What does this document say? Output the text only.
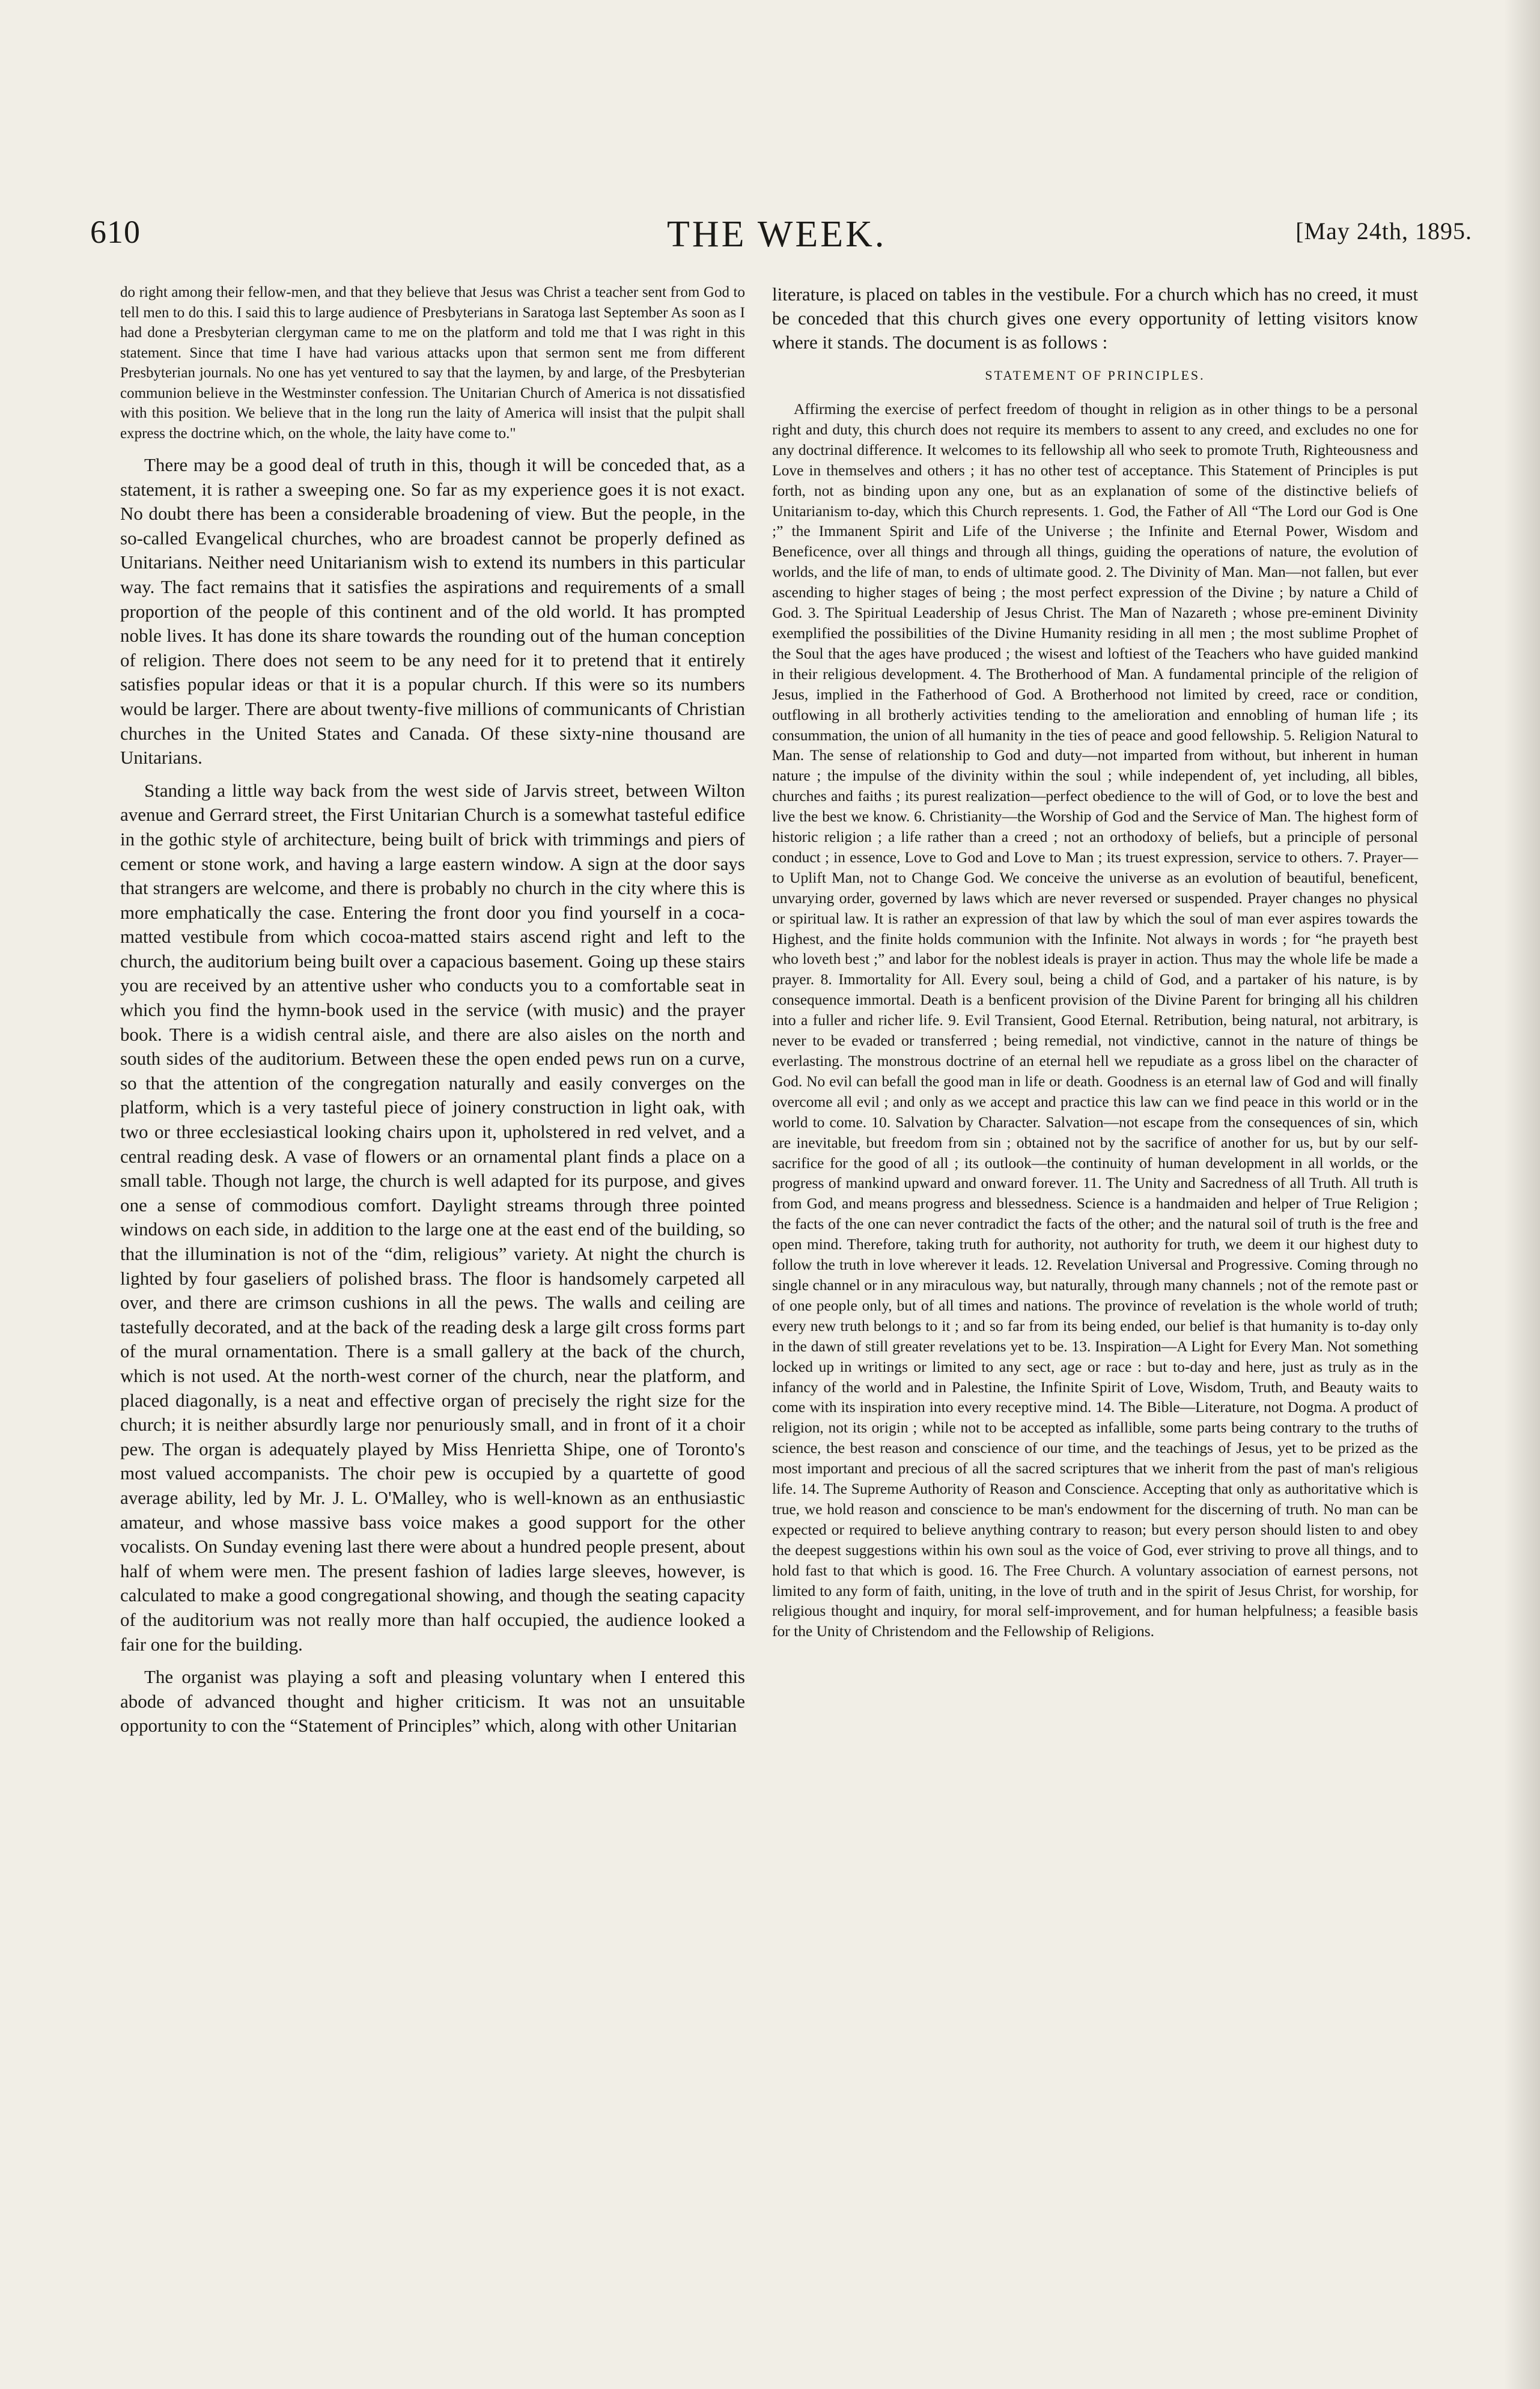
610	THE WEEK.	[May 24th, 1895.

do right among their fellow-men, and that they believe that Jesus was Christ a teacher sent from God to tell men to do this. I said this to large audience of Presbyterians in Saratoga last September As soon as I had done a Presbyterian clergyman came to me on the platform and told me that I was right in this statement. Since that time I have had various attacks upon that sermon sent me from different Presbyterian journals. No one has yet ventured to say that the laymen, by and large, of the Presbyterian communion believe in the Westminster confession. The Unitarian Church of America is not dissatisfied with this position. We believe that in the long run the laity of America will insist that the pulpit shall express the doctrine which, on the whole, the laity have come to."

There may be a good deal of truth in this, though it will be conceded that, as a statement, it is rather a sweeping one. So far as my experience goes it is not exact. No doubt there has been a considerable broadening of view. But the people, in the so-called Evangelical churches, who are broadest cannot be properly defined as Unitarians. Neither need Unitarianism wish to extend its numbers in this particular way. The fact remains that it satisfies the aspirations and requirements of a small proportion of the people of this continent and of the old world. It has prompted noble lives. It has done its share towards the rounding out of the human conception of religion. There does not seem to be any need for it to pretend that it entirely satisfies popular ideas or that it is a popular church. If this were so its numbers would be larger. There are about twenty-five millions of communicants of Christian churches in the United States and Canada. Of these sixty-nine thousand are Unitarians.

Standing a little way back from the west side of Jarvis street, between Wilton avenue and Gerrard street, the First Unitarian Church is a somewhat tasteful edifice in the gothic style of architecture, being built of brick with trimmings and piers of cement or stone work, and having a large eastern window. A sign at the door says that strangers are welcome, and there is probably no church in the city where this is more emphatically the case. Entering the front door you find yourself in a coca-matted vestibule from which cocoa-matted stairs ascend right and left to the church, the auditorium being built over a capacious basement. Going up these stairs you are received by an attentive usher who conducts you to a comfortable seat in which you find the hymn-book used in the service (with music) and the prayer book. There is a widish central aisle, and there are also aisles on the north and south sides of the auditorium. Between these the open ended pews run on a curve, so that the attention of the congregation naturally and easily converges on the platform, which is a very tasteful piece of joinery construction in light oak, with two or three ecclesiastical looking chairs upon it, upholstered in red velvet, and a central reading desk. A vase of flowers or an ornamental plant finds a place on a small table. Though not large, the church is well adapted for its purpose, and gives one a sense of commodious comfort. Daylight streams through three pointed windows on each side, in addition to the large one at the east end of the building, so that the illumination is not of the “dim, religious” variety. At night the church is lighted by four gaseliers of polished brass. The floor is handsomely carpeted all over, and there are crimson cushions in all the pews. The walls and ceiling are tastefully decorated, and at the back of the reading desk a large gilt cross forms part of the mural ornamentation. There is a small gallery at the back of the church, which is not used. At the north-west corner of the church, near the platform, and placed diagonally, is a neat and effective organ of precisely the right size for the church; it is neither absurdly large nor penuriously small, and in front of it a choir pew. The organ is adequately played by Miss Henrietta Shipe, one of Toronto's most valued accompanists. The choir pew is occupied by a quartette of good average ability, led by Mr. J. L. O'Malley, who is well-known as an enthusiastic amateur, and whose massive bass voice makes a good support for the other vocalists. On Sunday evening last there were about a hundred people present, about half of whem were men. The present fashion of ladies large sleeves, however, is calculated to make a good congregational showing, and though the seating capacity of the auditorium was not really more than half occupied, the audience looked a fair one for the building.

The organist was playing a soft and pleasing voluntary when I entered this abode of advanced thought and higher criticism. It was not an unsuitable opportunity to con the “Statement of Principles” which, along with other Unitarian

literature, is placed on tables in the vestibule. For a church which has no creed, it must be conceded that this church gives one every opportunity of letting visitors know where it stands. The document is as follows :

STATEMENT OF PRINCIPLES.

Affirming the exercise of perfect freedom of thought in religion as in other things to be a personal right and duty, this church does not require its members to assent to any creed, and excludes no one for any doctrinal difference. It welcomes to its fellowship all who seek to promote Truth, Righteousness and Love in themselves and others ; it has no other test of acceptance. This Statement of Principles is put forth, not as binding upon any one, but as an explanation of some of the distinctive beliefs of Unitarianism to-day, which this Church represents. 1. God, the Father of All “The Lord our God is One ;” the Immanent Spirit and Life of the Universe ; the Infinite and Eternal Power, Wisdom and Beneficence, over all things and through all things, guiding the operations of nature, the evolution of worlds, and the life of man, to ends of ultimate good. 2. The Divinity of Man. Man—not fallen, but ever ascending to higher stages of being ; the most perfect expression of the Divine ; by nature a Child of God. 3. The Spiritual Leadership of Jesus Christ. The Man of Nazareth ; whose pre-eminent Divinity exemplified the possibilities of the Divine Humanity residing in all men ; the most sublime Prophet of the Soul that the ages have produced ; the wisest and loftiest of the Teachers who have guided mankind in their religious development. 4. The Brotherhood of Man. A fundamental principle of the religion of Jesus, implied in the Fatherhood of God. A Brotherhood not limited by creed, race or condition, outflowing in all brotherly activities tending to the amelioration and ennobling of human life ; its consummation, the union of all humanity in the ties of peace and good fellowship. 5. Religion Natural to Man. The sense of relationship to God and duty—not imparted from without, but inherent in human nature ; the impulse of the divinity within the soul ; while independent of, yet including, all bibles, churches and faiths ; its purest realization—perfect obedience to the will of God, or to love the best and live the best we know. 6. Christianity—the Worship of God and the Service of Man. The highest form of historic religion ; a life rather than a creed ; not an orthodoxy of beliefs, but a principle of personal conduct ; in essence, Love to God and Love to Man ; its truest expression, service to others. 7. Prayer—to Uplift Man, not to Change God. We conceive the universe as an evolution of beautiful, beneficent, unvarying order, governed by laws which are never reversed or suspended. Prayer changes no physical or spiritual law. It is rather an expression of that law by which the soul of man ever aspires towards the Highest, and the finite holds communion with the Infinite. Not always in words ; for “he prayeth best who loveth best ;” and labor for the noblest ideals is prayer in action. Thus may the whole life be made a prayer. 8. Immortality for All. Every soul, being a child of God, and a partaker of his nature, is by consequence immortal. Death is a benficent provision of the Divine Parent for bringing all his children into a fuller and richer life. 9. Evil Transient, Good Eternal. Retribution, being natural, not arbitrary, is never to be evaded or transferred ; being remedial, not vindictive, cannot in the nature of things be everlasting. The monstrous doctrine of an eternal hell we repudiate as a gross libel on the character of God. No evil can befall the good man in life or death. Goodness is an eternal law of God and will finally overcome all evil ; and only as we accept and practice this law can we find peace in this world or in the world to come. 10. Salvation by Character. Salvation—not escape from the consequences of sin, which are inevitable, but freedom from sin ; obtained not by the sacrifice of another for us, but by our self-sacrifice for the good of all ; its outlook—the continuity of human development in all worlds, or the progress of mankind upward and onward forever. 11. The Unity and Sacredness of all Truth. All truth is from God, and means progress and blessedness. Science is a handmaiden and helper of True Religion ; the facts of the one can never contradict the facts of the other; and the natural soil of truth is the free and open mind. Therefore, taking truth for authority, not authority for truth, we deem it our highest duty to follow the truth in love wherever it leads. 12. Revelation Universal and Progressive. Coming through no single channel or in any miraculous way, but naturally, through many channels ; not of the remote past or of one people only, but of all times and nations. The province of revelation is the whole world of truth; every new truth belongs to it ; and so far from its being ended, our belief is that humanity is to-day only in the dawn of still greater revelations yet to be. 13. Inspiration—A Light for Every Man. Not something locked up in writings or limited to any sect, age or race : but to-day and here, just as truly as in the infancy of the world and in Palestine, the Infinite Spirit of Love, Wisdom, Truth, and Beauty waits to come with its inspiration into every receptive mind. 14. The Bible—Literature, not Dogma. A product of religion, not its origin ; while not to be accepted as infallible, some parts being contrary to the truths of science, the best reason and conscience of our time, and the teachings of Jesus, yet to be prized as the most important and precious of all the sacred scriptures that we inherit from the past of man's religious life. 14. The Supreme Authority of Reason and Conscience. Accepting that only as authoritative which is true, we hold reason and conscience to be man's endowment for the discerning of truth. No man can be expected or required to believe anything contrary to reason; but every person should listen to and obey the deepest suggestions within his own soul as the voice of God, ever striving to prove all things, and to hold fast to that which is good. 16. The Free Church. A voluntary association of earnest persons, not limited to any form of faith, uniting, in the love of truth and in the spirit of Jesus Christ, for worship, for religious thought and inquiry, for moral self-improvement, and for human helpfulness; a feasible basis for the Unity of Christendom and the Fellowship of Religions.
